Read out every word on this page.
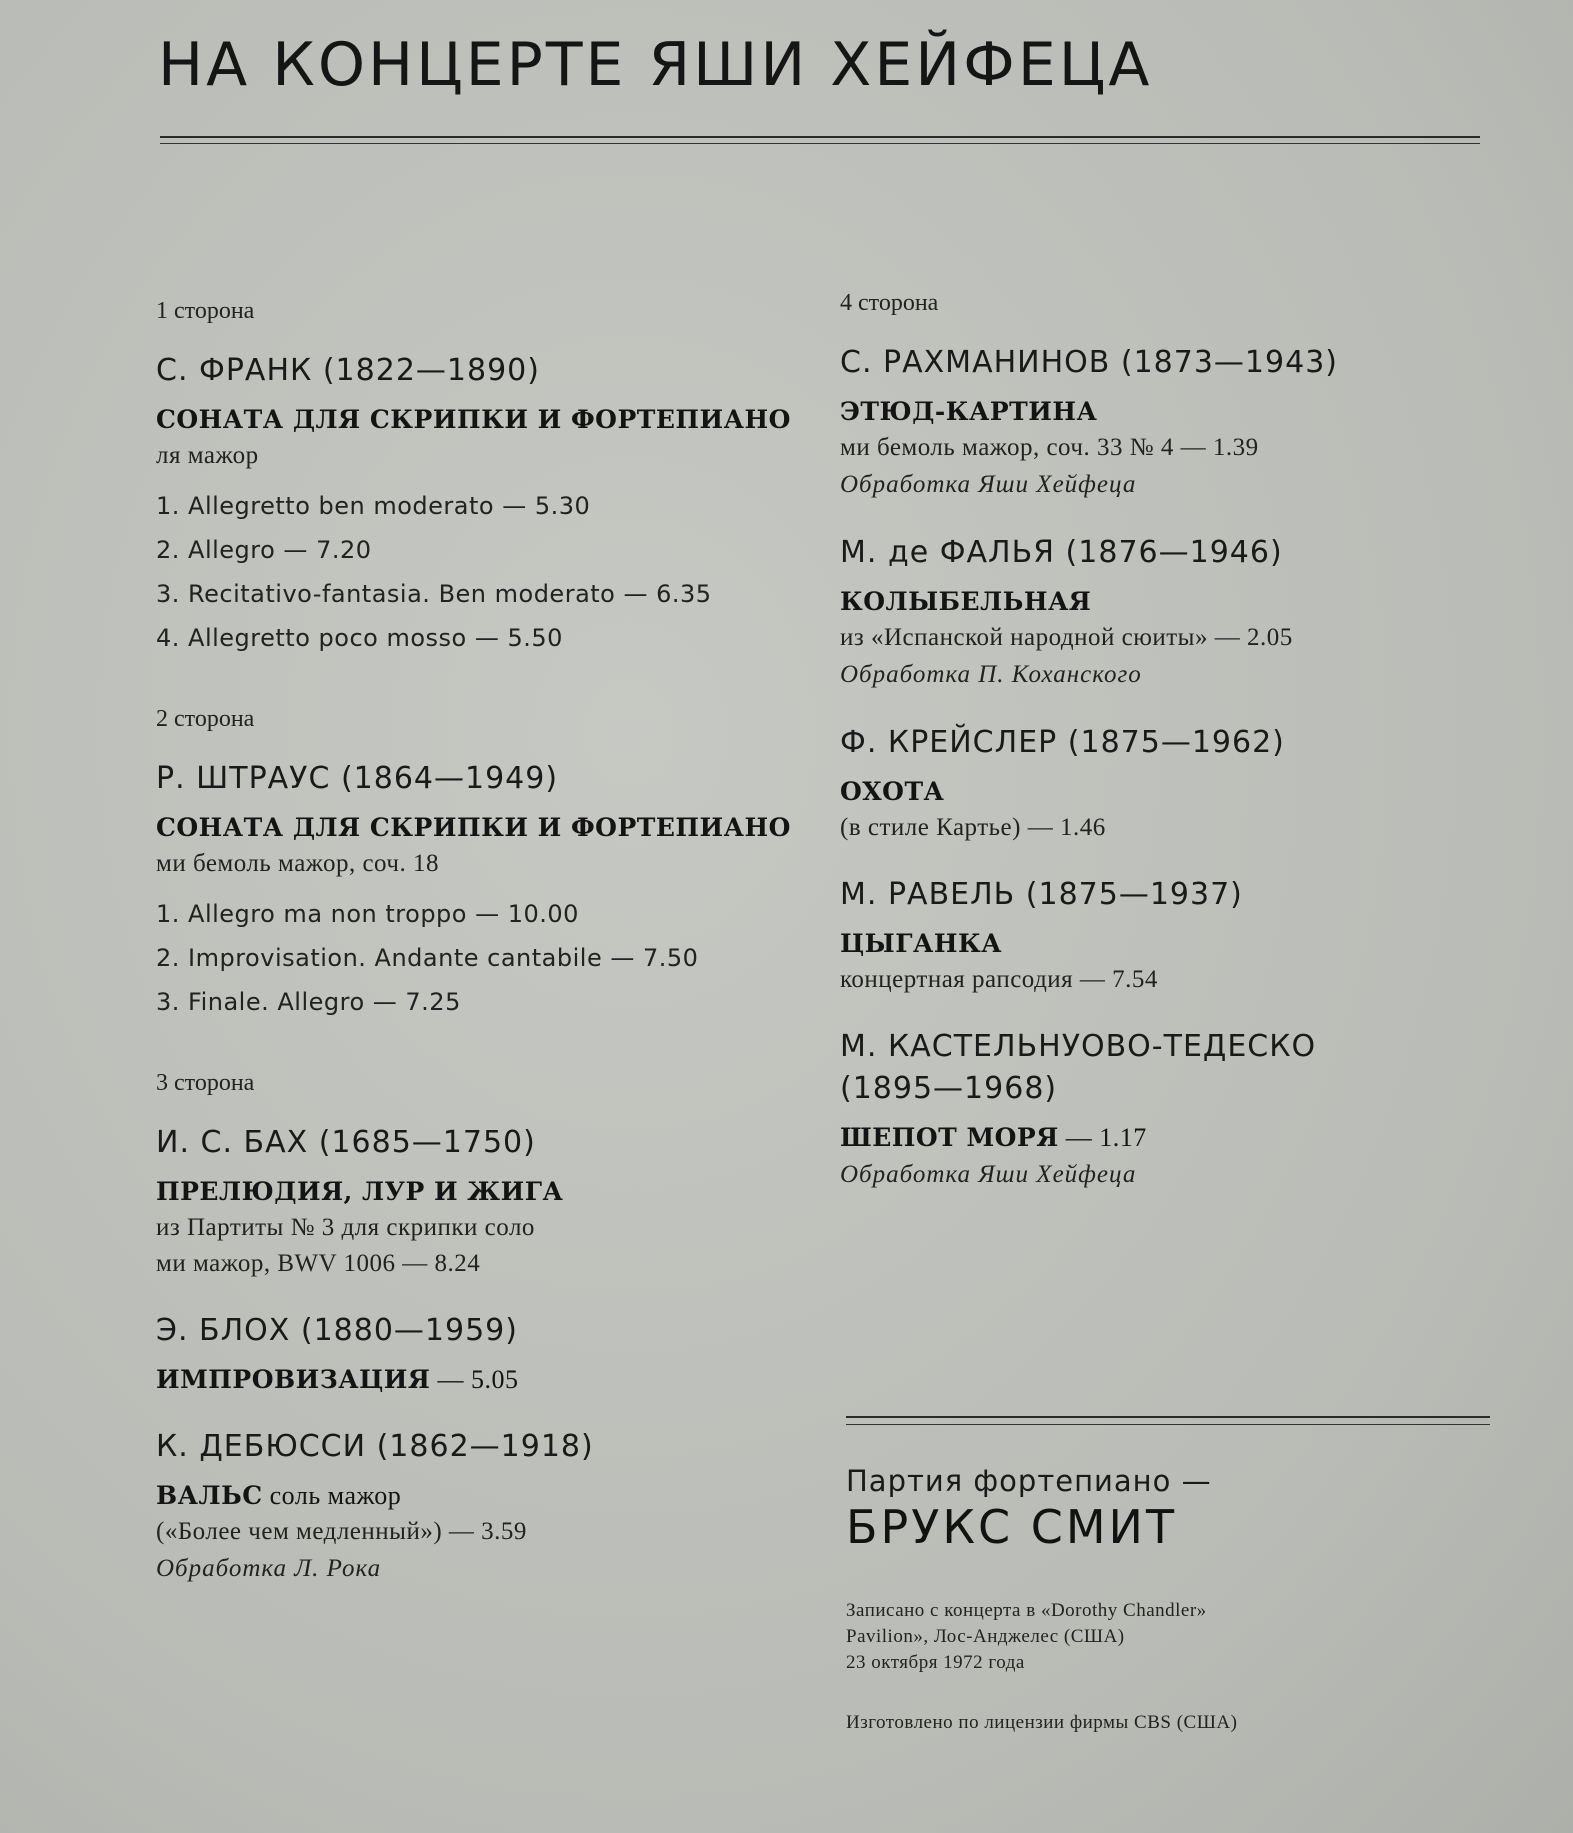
НА КОНЦЕРТЕ ЯШИ ХЕЙФЕЦА
1 сторона
С. ФРАНК (1822—1890)
СОНАТА ДЛЯ СКРИПКИ И ФОРТЕПИАНО
ля мажор
1. Allegretto ben moderato — 5.30
2. Allegro — 7.20
3. Recitativo-fantasia. Ben moderato — 6.35
4. Allegretto poco mosso — 5.50
2 сторона
Р. ШТРАУС (1864—1949)
СОНАТА ДЛЯ СКРИПКИ И ФОРТЕПИАНО
ми бемоль мажор, соч. 18
1. Allegro ma non troppo — 10.00
2. Improvisation. Andante cantabile — 7.50
3. Finale. Allegro — 7.25
3 сторона
И. С. БАХ (1685—1750)
ПРЕЛЮДИЯ, ЛУР И ЖИГА
из Партиты № 3 для скрипки соло
ми мажор, BWV 1006 — 8.24
Э. БЛОХ (1880—1959)
ИМПРОВИЗАЦИЯ — 5.05
К. ДЕБЮССИ (1862—1918)
ВАЛЬС соль мажор
(«Более чем медленный») — 3.59
Обработка Л. Рока
4 сторона
С. РАХМАНИНОВ (1873—1943)
ЭТЮД-КАРТИНА
ми бемоль мажор, соч. 33 № 4 — 1.39
Обработка Яши Хейфеца
М. де ФАЛЬЯ (1876—1946)
КОЛЫБЕЛЬНАЯ
из «Испанской народной сюиты» — 2.05
Обработка П. Коханского
Ф. КРЕЙСЛЕР (1875—1962)
ОХОТА
(в стиле Картье) — 1.46
М. РАВЕЛЬ (1875—1937)
ЦЫГАНКА
концертная рапсодия — 7.54
М. КАСТЕЛЬНУОВО-ТЕДЕСКО
(1895—1968)
ШЕПОТ МОРЯ — 1.17
Обработка Яши Хейфеца
Партия фортепиано —
БРУКС СМИТ
Записано с концерта в «Dorothy Chandler»
Pavilion», Лос-Анджелес (США)
23 октября 1972 года
Изготовлено по лицензии фирмы CBS (США)
